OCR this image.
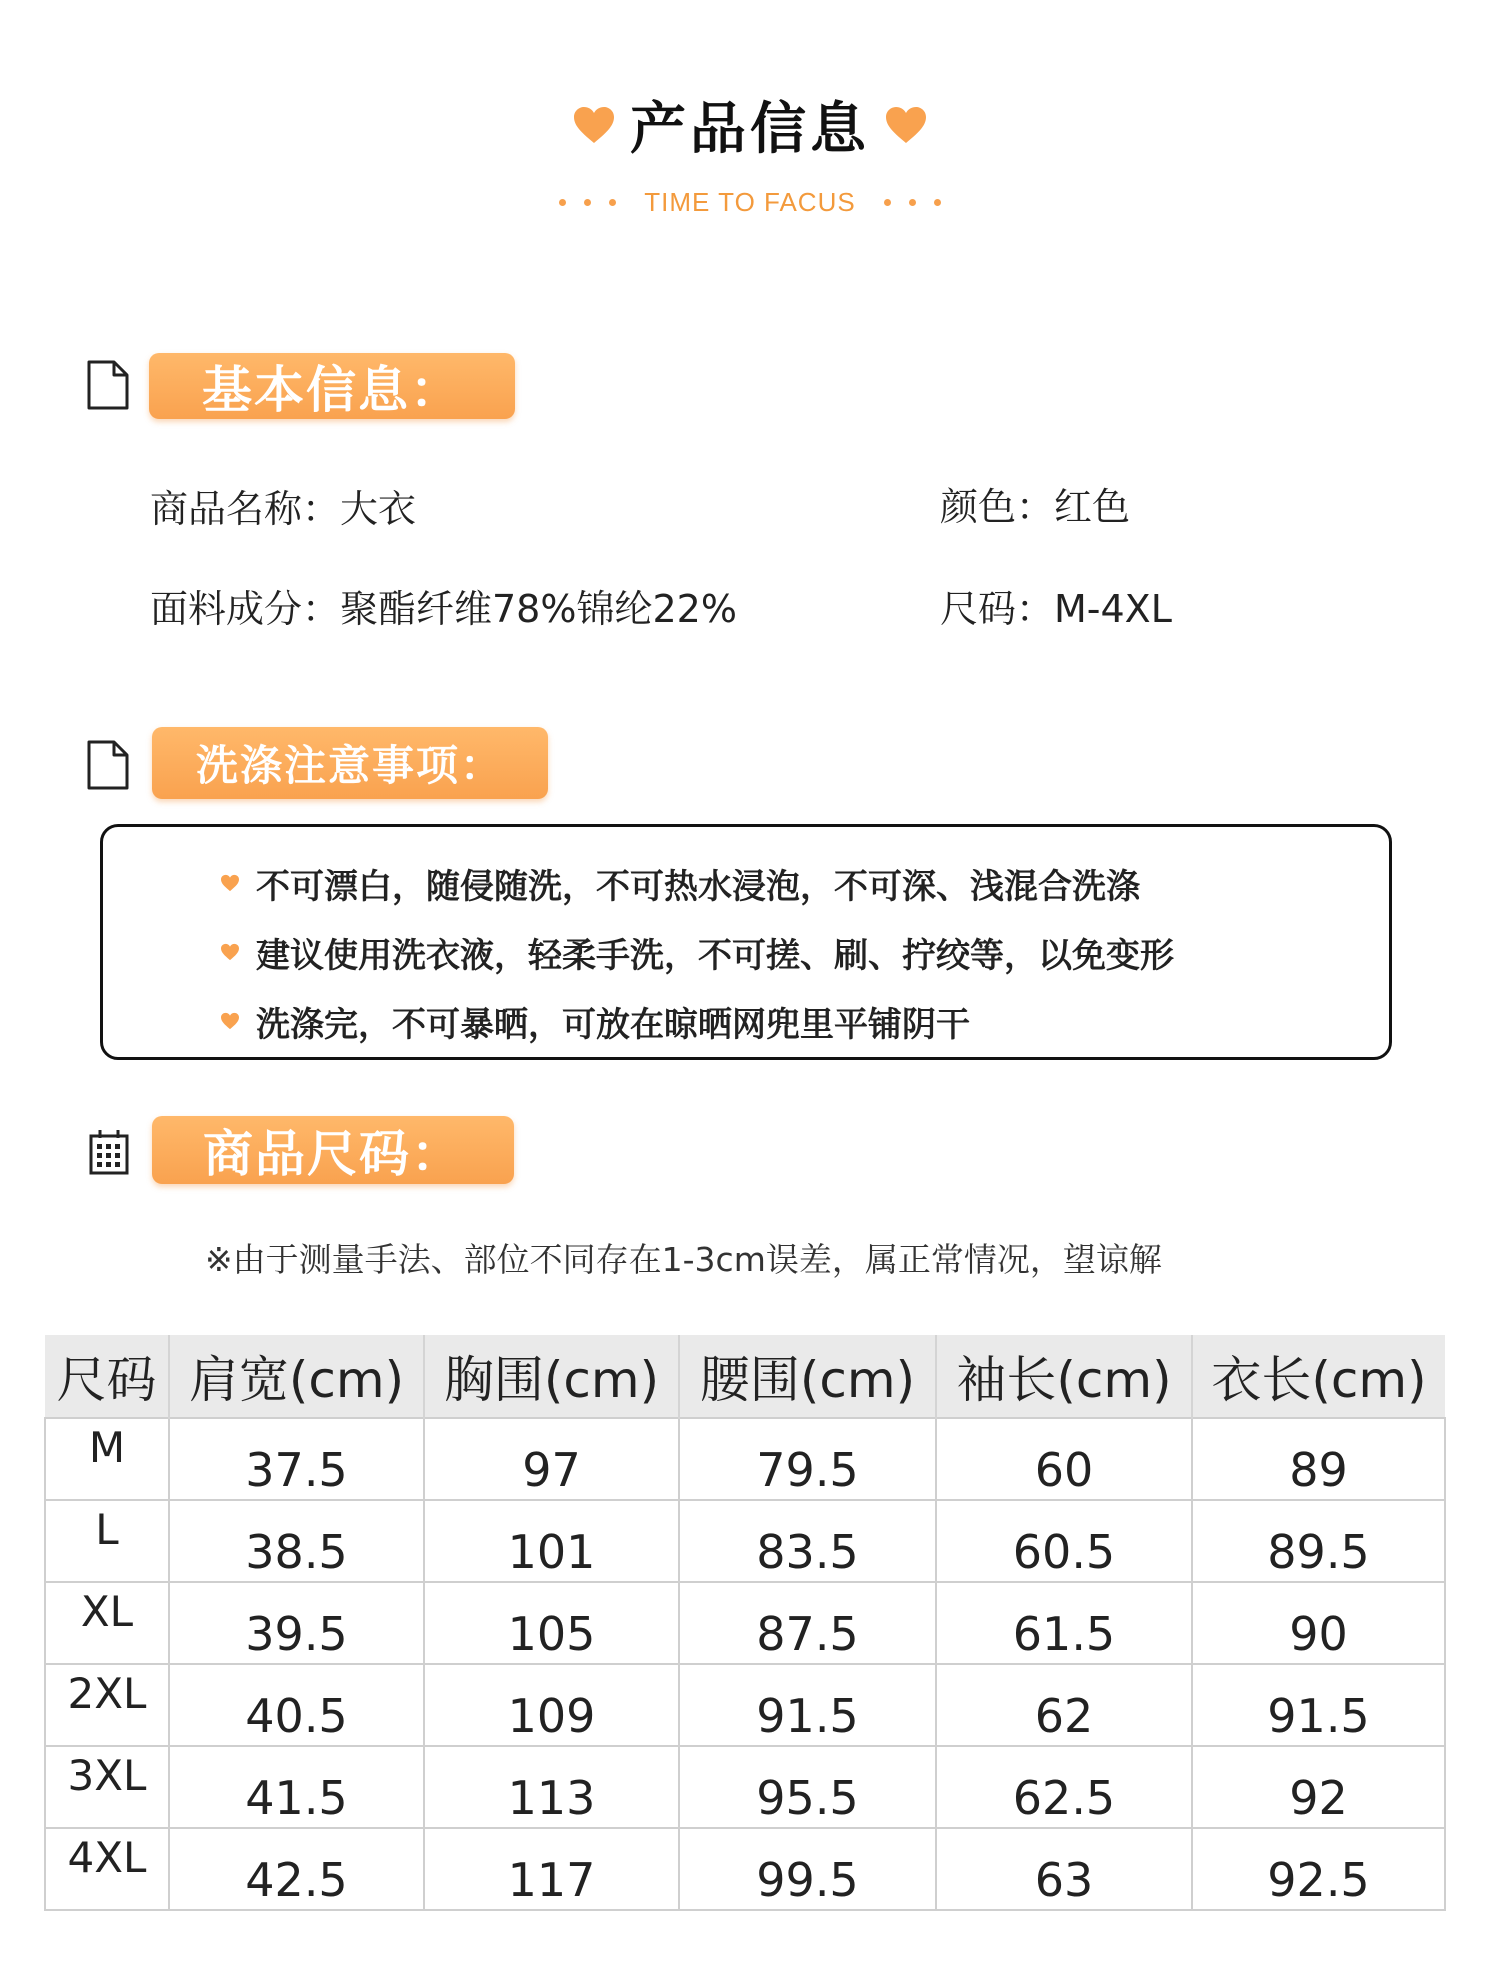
产品信息
TIME TO FACUS
基本信息：
商品名称：大衣	颜色：红色
面料成分：聚酯纤维78%锦纶22%	尺码：M-4XL
洗涤注意事项：
不可漂白，随侵随洗，不可热水浸泡，不可深、浅混合洗涤
建议使用洗衣液，轻柔手洗，不可搓、刷、拧绞等，以免变形
洗涤完，不可暴晒，可放在晾晒网兜里平铺阴干
商品尺码：
※由于测量手法、部位不同存在1-3cm误差，属正常情况，望谅解
尺码	肩宽(cm)	胸围(cm)	腰围(cm)	袖长(cm)	衣长(cm)
M	37.5	97	79.5	60	89
L	38.5	101	83.5	60.5	89.5
XL	39.5	105	87.5	61.5	90
2XL	40.5	109	91.5	62	91.5
3XL	41.5	113	95.5	62.5	92
4XL	42.5	117	99.5	63	92.5
